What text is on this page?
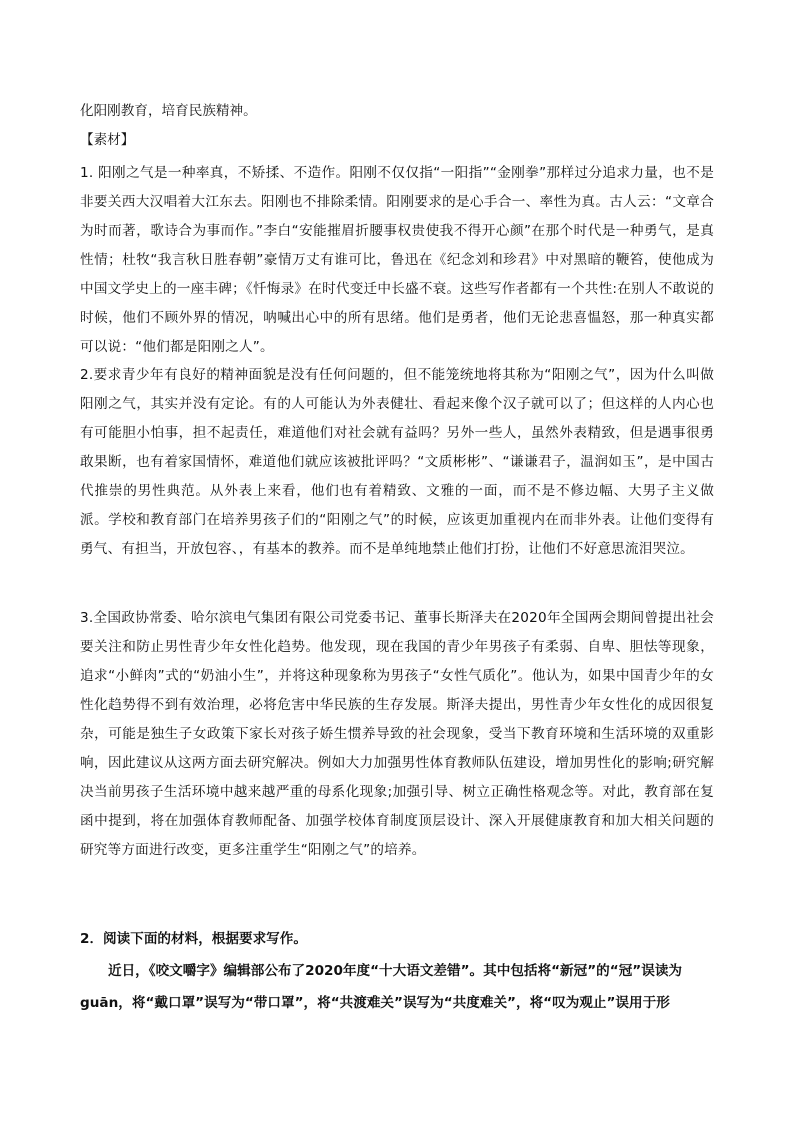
化阳刚教育，培育民族精神。
【素材】

1. 阳刚之气是一种率真，不矫揉、不造作。阳刚不仅仅指“一阳指”“金刚拳”那样过分追求力量，也不是非要关西大汉唱着大江东去。阳刚也不排除柔情。阳刚要求的是心手合一、率性为真。古人云：“文章合为时而著，歌诗合为事而作。”李白“安能摧眉折腰事权贵使我不得开心颜”在那个时代是一种勇气，是真性情；杜牧“我言秋日胜春朝”豪情万丈有谁可比，鲁迅在《纪念刘和珍君》中对黑暗的鞭笞，使他成为中国文学史上的一座丰碑；《忏悔录》在时代变迁中长盛不衰。这些写作者都有一个共性:在别人不敢说的时候，他们不顾外界的情况，呐喊出心中的所有思绪。他们是勇者，他们无论悲喜愠怒，那一种真实都可以说：“他们都是阳刚之人”。

2.要求青少年有良好的精神面貌是没有任何问题的，但不能笼统地将其称为“阳刚之气”，因为什么叫做阳刚之气，其实并没有定论。有的人可能认为外表健壮、看起来像个汉子就可以了；但这样的人内心也有可能胆小怕事，担不起责任，难道他们对社会就有益吗？另外一些人，虽然外表精致，但是遇事很勇敢果断，也有着家国情怀，难道他们就应该被批评吗？“文质彬彬”、“谦谦君子，温润如玉”，是中国古代推崇的男性典范。从外表上来看，他们也有着精致、文雅的一面，而不是不修边幅、大男子主义做派。学校和教育部门在培养男孩子们的“阳刚之气”的时候，应该更加重视内在而非外表。让他们变得有勇气、有担当，开放包容、，有基本的教养。而不是单纯地禁止他们打扮，让他们不好意思流泪哭泣。

3.全国政协常委、哈尔滨电气集团有限公司党委书记、董事长斯泽夫在2020年全国两会期间曾提出社会要关注和防止男性青少年女性化趋势。他发现，现在我国的青少年男孩子有柔弱、自卑、胆怯等现象，追求“小鲜肉”式的“奶油小生”，并将这种现象称为男孩子“女性气质化”。他认为，如果中国青少年的女性化趋势得不到有效治理，必将危害中华民族的生存发展。斯泽夫提出，男性青少年女性化的成因很复杂，可能是独生子女政策下家长对孩子娇生惯养导致的社会现象，受当下教育环境和生活环境的双重影响，因此建议从这两方面去研究解决。例如大力加强男性体育教师队伍建设，增加男性化的影响;研究解决当前男孩子生活环境中越来越严重的母系化现象;加强引导、树立正确性格观念等。对此，教育部在复函中提到，将在加强体育教师配备、加强学校体育制度顶层设计、深入开展健康教育和加大相关问题的研究等方面进行改变，更多注重学生“阳刚之气”的培养。

2．阅读下面的材料，根据要求写作。
近日，《咬文嚼字》编辑部公布了2020年度“十大语文差错”。其中包括将“新冠”的“冠”误读为
guān，将“戴口罩”误写为“带口罩”，将“共渡难关”误写为“共度难关”，将“叹为观止”误用于形
